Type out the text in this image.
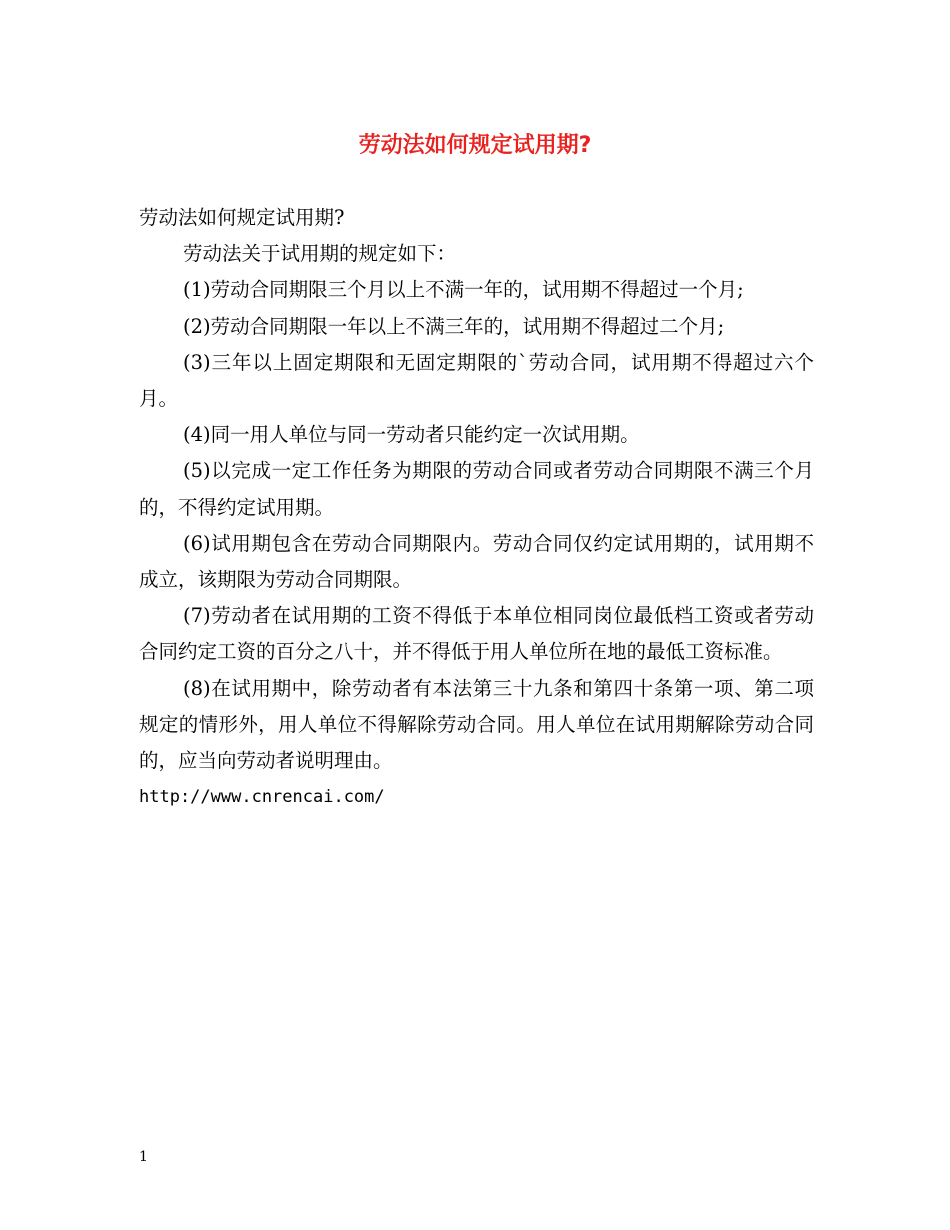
劳动法如何规定试用期?

劳动法如何规定试用期?

劳动法关于试用期的规定如下：

(1)劳动合同期限三个月以上不满一年的，试用期不得超过一个月;

(2)劳动合同期限一年以上不满三年的，试用期不得超过二个月;

(3)三年以上固定期限和无固定期限的`劳动合同，试用期不得超过六个月。

(4)同一用人单位与同一劳动者只能约定一次试用期。

(5)以完成一定工作任务为期限的劳动合同或者劳动合同期限不满三个月的，不得约定试用期。

(6)试用期包含在劳动合同期限内。劳动合同仅约定试用期的，试用期不成立，该期限为劳动合同期限。

(7)劳动者在试用期的工资不得低于本单位相同岗位最低档工资或者劳动合同约定工资的百分之八十，并不得低于用人单位所在地的最低工资标准。

(8)在试用期中，除劳动者有本法第三十九条和第四十条第一项、第二项规定的情形外，用人单位不得解除劳动合同。用人单位在试用期解除劳动合同的，应当向劳动者说明理由。

http://www.cnrencai.com/

1
